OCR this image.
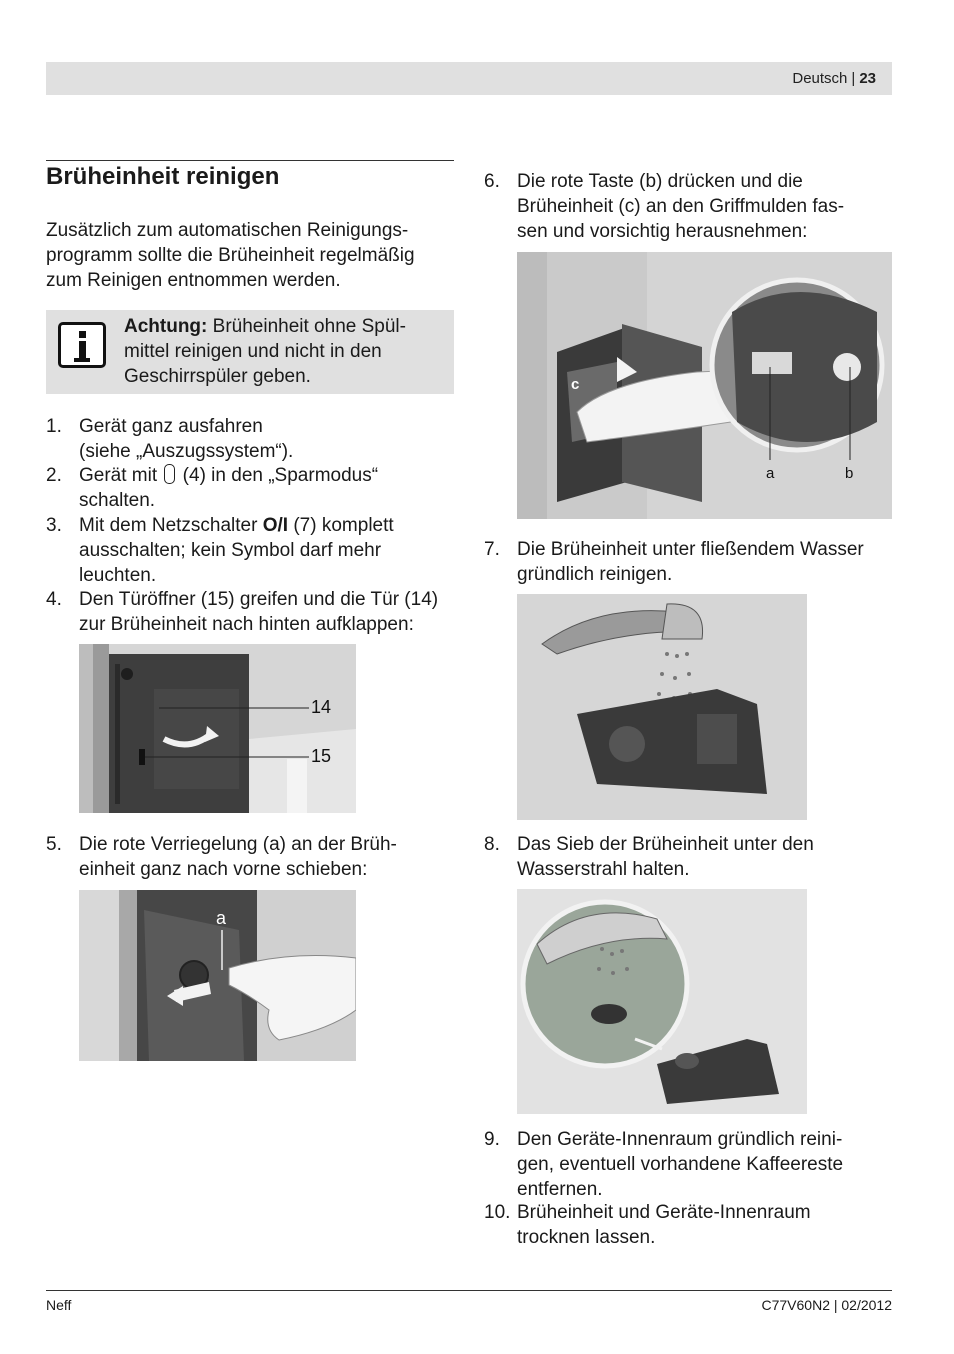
Deutsch | 23
Brüheinheit reinigen
Zusätzlich zum automatischen Reinigungs-
programm sollte die Brüheinheit regelmäßig
zum Reinigen entnommen werden.
Achtung: Brüheinheit ohne Spül-
mittel reinigen und nicht in den
Geschirrspüler geben.
1. Gerät ganz ausfahren
(siehe „Auszugssystem“).
2. Gerät mit  (4) in den „Sparmodus“
schalten.
3. Mit dem Netzschalter O/I (7) komplett
ausschalten; kein Symbol darf mehr
leuchten.
4. Den Türöffner (15) greifen und die Tür (14)
zur Brüheinheit nach hinten aufklappen:
14
15
5. Die rote Verriegelung (a) an der Brüh-
einheit ganz nach vorne schieben:
a
6. Die rote Taste (b) drücken und die
Brüheinheit (c) an den Griffmulden fas-
sen und vorsichtig herausnehmen:
c
a	b
7. Die Brüheinheit unter fließendem Wasser
gründlich reinigen.
8. Das Sieb der Brüheinheit unter den
Wasserstrahl halten.
9. Den Geräte-Innenraum gründlich reini-
gen, eventuell vorhandene Kaffeereste
entfernen.
10. Brüheinheit und Geräte-Innenraum
trocknen lassen.
Neff	C77V60N2 | 02/2012
